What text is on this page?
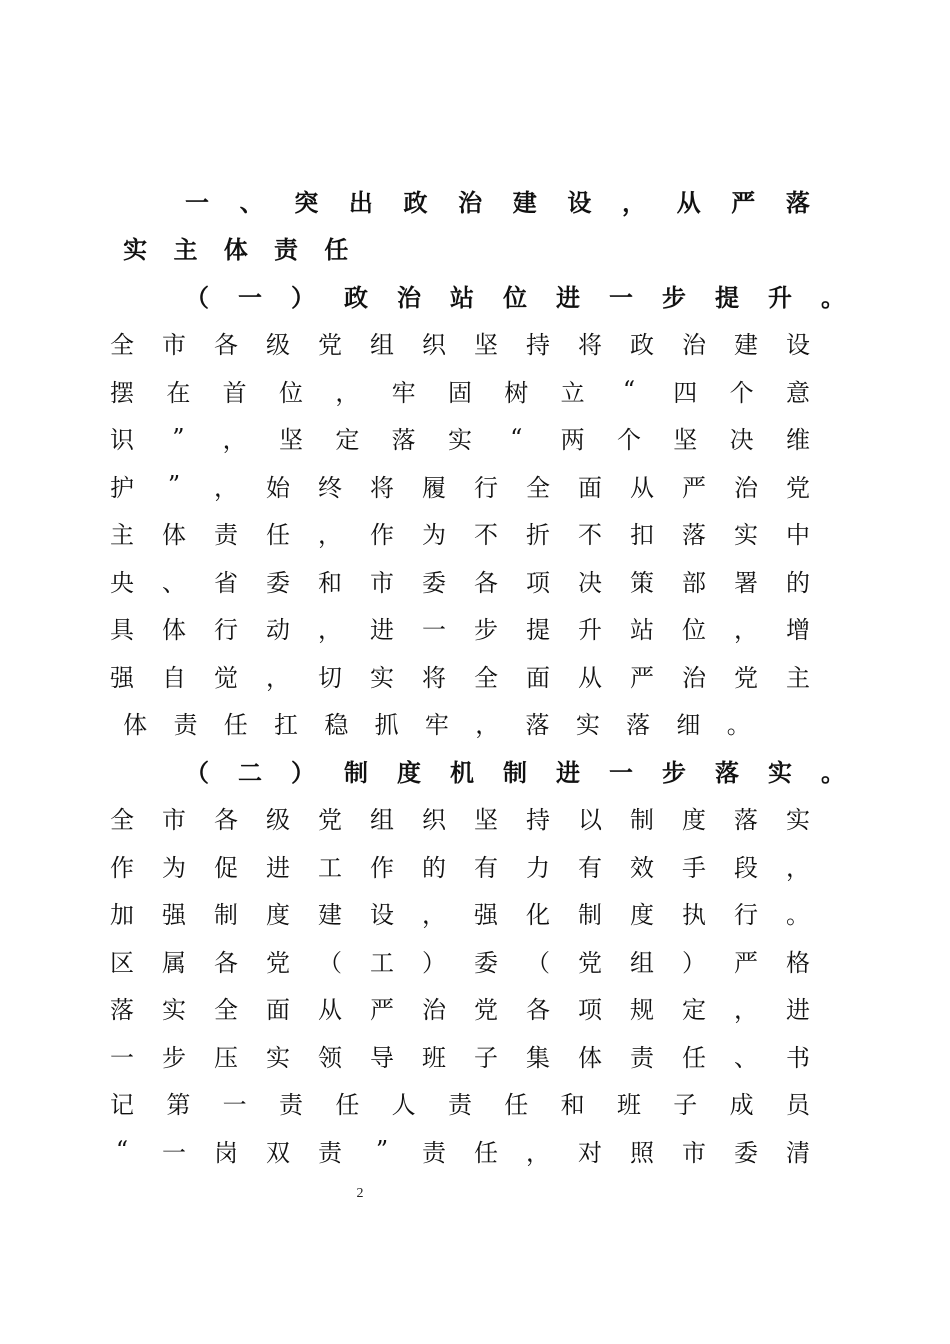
一 、 突 出 政 治 建 设 ， 从 严 落
实	主	体	责	任
（ 一 ） 政 治 站 位 进 一 步 提 升 。
全 市 各 级 党 组 织 坚 持 将 政 治 建 设
摆 在 首 位 ， 牢 固 树 立 “ 四 个 意
识 ” ， 坚 定 落 实 “ 两 个 坚 决 维
护 ” ， 始 终 将 履 行 全 面 从 严 治 党
主 体 责 任 ， 作 为 不 折 不 扣 落 实 中
央 、 省 委 和 市 委 各 项 决 策 部 署 的
具 体 行 动 ， 进 一 步 提 升 站 位 ， 增
强 自 觉 ， 切 实 将 全 面 从 严 治 党 主
体	责	任	扛	稳	抓	牢	，	落	实	落	细	。
（ 二 ） 制 度 机 制 进 一 步 落 实 。
全 市 各 级 党 组 织 坚 持 以 制 度 落 实
作 为 促 进 工 作 的 有 力 有 效 手 段 ，
加 强 制 度 建 设 ， 强 化 制 度 执 行 。
区 属 各 党 （ 工 ） 委 （ 党 组 ） 严 格
落 实 全 面 从 严 治 党 各 项 规 定 ， 进
一 步 压 实 领 导 班 子 集 体 责 任 、 书
记 第 一 责 任 人 责 任 和 班 子 成 员
“ 一 岗 双 责 ” 责 任 ， 对 照 市 委 清
2
